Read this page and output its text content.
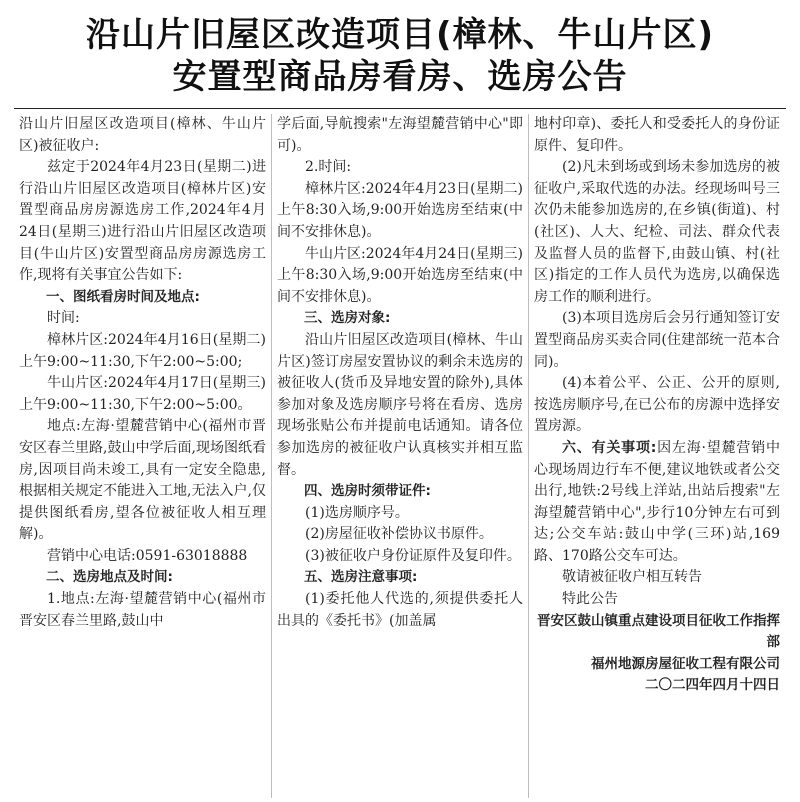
沿山片旧屋区改造项目(樟林、牛山片区)
安置型商品房看房、选房公告

沿山片旧屋区改造项目(樟林、牛山片区)被征收户:

兹定于2024年4月23日(星期二)进行沿山片旧屋区改造项目(樟林片区)安置型商品房房源选房工作,2024年4月24日(星期三)进行沿山片旧屋区改造项目(牛山片区)安置型商品房房源选房工作,现将有关事宜公告如下:

一、图纸看房时间及地点:

时间:

樟林片区:2024年4月16日(星期二)上午9:00~11:30,下午2:00~5:00;

牛山片区:2024年4月17日(星期三)上午9:00~11:30,下午2:00~5:00。

地点:左海·望麓营销中心(福州市晋安区春兰里路,鼓山中学后面,现场图纸看房,因项目尚未竣工,具有一定安全隐患,根据相关规定不能进入工地,无法入户,仅提供图纸看房,望各位被征收人相互理解)。

营销中心电话:0591-63018888

二、选房地点及时间:

1.地点:左海·望麓营销中心(福州市晋安区春兰里路,鼓山中

学后面,导航搜索"左海望麓营销中心"即可)。

2.时间:

樟林片区:2024年4月23日(星期二)上午8:30入场,9:00开始选房至结束(中间不安排休息)。

牛山片区:2024年4月24日(星期三)上午8:30入场,9:00开始选房至结束(中间不安排休息)。

三、选房对象:

沿山片旧屋区改造项目(樟林、牛山片区)签订房屋安置协议的剩余未选房的被征收人(货币及异地安置的除外),具体参加对象及选房顺序号将在看房、选房现场张贴公布并提前电话通知。请各位参加选房的被征收户认真核实并相互监督。

四、选房时须带证件:

(1)选房顺序号。

(2)房屋征收补偿协议书原件。

(3)被征收户身份证原件及复印件。

五、选房注意事项:

(1)委托他人代选的,须提供委托人出具的《委托书》(加盖属

地村印章)、委托人和受委托人的身份证原件、复印件。

(2)凡未到场或到场未参加选房的被征收户,采取代选的办法。经现场叫号三次仍未能参加选房的,在乡镇(街道)、村(社区)、人大、纪检、司法、群众代表及监督人员的监督下,由鼓山镇、村(社区)指定的工作人员代为选房,以确保选房工作的顺利进行。

(3)本项目选房后会另行通知签订安置型商品房买卖合同(住建部统一范本合同)。

(4)本着公平、公正、公开的原则,按选房顺序号,在已公布的房源中选择安置房源。

六、有关事项:因左海·望麓营销中心现场周边行车不便,建议地铁或者公交出行,地铁:2号线上洋站,出站后搜索"左海望麓营销中心",步行10分钟左右可到达;公交车站:鼓山中学(三环)站,169路、170路公交车可达。

敬请被征收户相互转告

特此公告

晋安区鼓山镇重点建设项目征收工作指挥部

福州地源房屋征收工程有限公司

二〇二四年四月十四日
